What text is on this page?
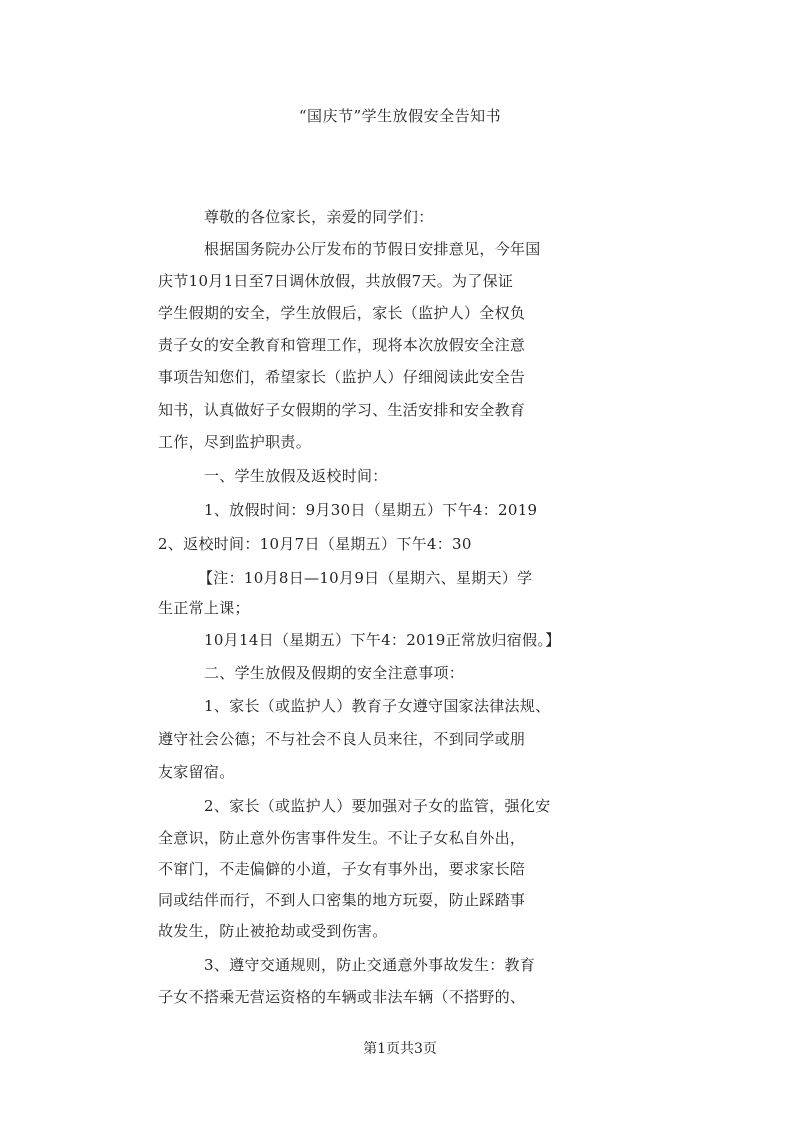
“国庆节”学生放假安全告知书
尊敬的各位家长，亲爱的同学们：
根据国务院办公厅发布的节假日安排意见，今年国
庆节10月1日至7日调休放假，共放假7天。为了保证
学生假期的安全，学生放假后，家长（监护人）全权负
责子女的安全教育和管理工作，现将本次放假安全注意
事项告知您们，希望家长（监护人）仔细阅读此安全告
知书，认真做好子女假期的学习、生活安排和安全教育
工作，尽到监护职责。
一、学生放假及返校时间：
1、放假时间：9月30日（星期五）下午4：2019
2、返校时间：10月7日（星期五）下午4：30
【注：10月8日—10月9日（星期六、星期天）学
生正常上课；
10月14日（星期五）下午4：2019正常放归宿假。】
二、学生放假及假期的安全注意事项：
1、家长（或监护人）教育子女遵守国家法律法规、
遵守社会公德；不与社会不良人员来往，不到同学或朋
友家留宿。
2、家长（或监护人）要加强对子女的监管，强化安
全意识，防止意外伤害事件发生。不让子女私自外出，
不窜门，不走偏僻的小道，子女有事外出，要求家长陪
同或结伴而行，不到人口密集的地方玩耍，防止踩踏事
故发生，防止被抢劫或受到伤害。
3、遵守交通规则，防止交通意外事故发生：教育
子女不搭乘无营运资格的车辆或非法车辆（不搭野的、
第1页共3页
